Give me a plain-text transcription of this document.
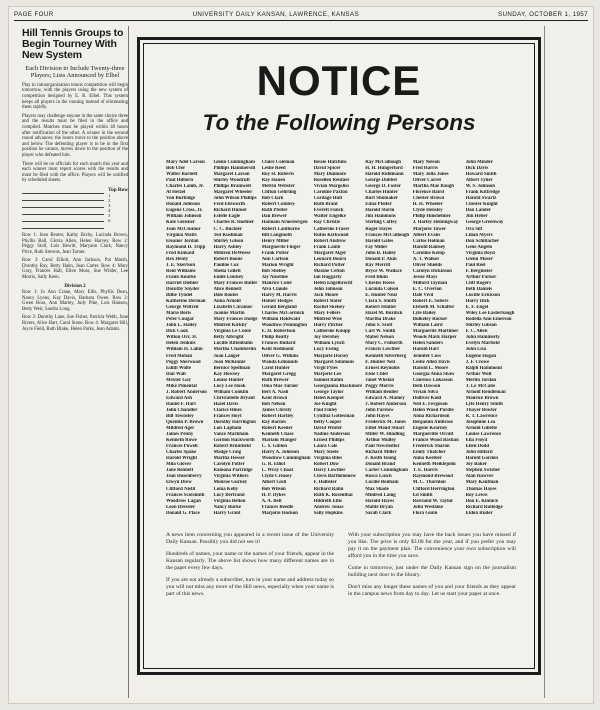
PAGE FOUR	UNIVERSITY DAILY KANSAN, LAWRENCE, KANSAS	SUNDAY, OCTOBER 1, 1957
Hill Tennis Groups to Begin Tourney With New System
Each Division to Include Twenty-three Players; Lists Announced by Elbel

Play in intraorganization tennis competition will begin tomorrow, with the players using the new system of competition designed by E. R. Elbel. This system keeps all players in the running instead of eliminating them rapidly.

Players may challenge anyone in the same choice three and the results must be filed in the office and compiled. Matches must be played within 48 hours after notification of the other. A winner in the second round advances; the losers move to the position above and below. The defending player is to be in the first position he cannot, moves down to the position of the player who defeated him.

There will be no officials for each match this year and each winner must report scores with the results and must be filed with the office. Players will be notified by scheduled sheets.

Top Row
1
2
3
4
5
6

Row 1: Jean Reuter, Kathy Bixby, Lucinda Brown, Phyllis Ball, Gloria Allen, Helen Harvey. Row 2: Peggy Stoll, Lois Hewitt, Maryann Clark, Nancy Price, Ruth Stevens, Jean Turner.

Row 3: Carol Elliott, Ann Jackson, Pat Marsh, Dorothy Ray, Betty Hahn, Joan Carter. Row 4: Mary Gray, Frances Hall, Ellen Moss, Sue Wilder, Lee Morris, Sally Keen.

Division 2

Row 1: Jo Ann Crane, Mary Ellis, Phyllis Dean, Nancy Lyons, Kay Davis, Barbara Owen. Row 2: Gwen Ross, Ann Marley, Judy Pike, Lois Hanson, Betty Weir, Sandra Long.

Row 3: Dorothy Lane, Sue Fisher, Patricia Webb, June Rivers, Alice Hart, Carol Stone. Row 4: Margaret Hill, Joyce Field, Ruth Blake, Helen Parks, Jean Adams.

NOTICE
To the Following Persons
Mary Adel Carson
Bob Ufer
Walter Barnett
Paul Hilbern
Charles Lamb, Jr.
Al Hetzel
Von Burbidge
Donald Johnson
Eugene Cross, Jr.
William Johnson
Kate Gleisner
Jean McCleanor
Virginia Matts
Eleanor Jordan
Raymond D. Tripp
Fred Kinkaid
Rex Henty
J. E. Skertson
Reid Williams
Frank Rourke
Harriet Diehler
Dorothy Snyder
Billie Tyndel
Katherine Derman
George Wilfred
Marie Boris
Peter Cougar
John L. Hailey
Dick Cook
Wilton Orr, Jr.
Helen Jenkins
William H. Lahm
Fred Mohan
Peggy Sherwood
Edith Wolfe
Dan Walt
Mexter Gay
Mike Pimental
J. Robert Anderson
Edward Ash
Daniel F. Hart
John Chandler
Bill Townsley
Quentin P. Brown
Mildred Ager
James Penny
Kenneth Rowe
Frances Powell
Charles Spake
Harold Wright
Mila Glover
Jane Bennett
Jean Dusenberry
Elwyn Drew
Clifford Nistil
Frances Scotsmith
Woodrow Lagan
Leon Dressler
Donald G. Place
Glenn Cunningham
Phillips Hammersill
Margaret Larson
Shirley Woodruff
Phillips Bramwell
Margaret Wheeler
John Wilson Phillips
Fred Ellsworth
Richard Hunsel
Estelle Eagle
Charles R. Hoefner
C. C. Buckler
Ted Kushman
Shirley Gilson
Harry Ashley
Mildred DeWeese
Robert Boone
Pauline Cox
Sheila Gillett
Emile Lindsey
Mary Frances Butler
Alice Bennett
Dale Boutes
Anna Arnold
Lizabeth Caramor
Joanne Martin
Mary Frances Dodge
Mildred Kirkby
Virginia Le Conte
Betty Albright
Lucille Rittenbahn
Martha Chamberlin
Joan Langer
Jean McKinnie
Bernice Spellman
Kay Howsey
Louise Hunter
Lucy Lee Hook
William Conklin
Christabelle Bryant
Hazel Davis
Clarice Hines
Frances Hoyt
Dorothy Harrington
Lois Lapham
Vance Markham
Gordon Hackworth
Robert Brumfield
Madge Craig
Martha Hesser
Carolyn Potter
Ramona Partridge
Virginia Withers
Monroe Gurney
Loma Kelly
Lucy Bertrand
Virginia Belton
Nancy Burke
Harry Grant
Claire Coleman
Leslie Reed
Roy H. Roberts
Ray Hanen
Melvin Webster
Clifton Gehrling
Bob Clark
Robert Combey
Ruth Pfeifer
Dan Brewer
Hannam Arnesbergen
Robert Lanthorne
Bill Longmoth
Henry Miller
Marguerite Finger
Frank Potter
Ann Carlson
Marion Wright
Bob Shelley
Jay Anselme
Maurice Coler
Alva Claude
Harry M. Harris
Homer Hedges
Gerald Bergland
Charles McCormick
William Holdwald
Woodrow Pennington
E. H. Robertson
Philip Beatty
Frances Bullard
Kent Redmond
Oliver G. Wilkins
Wanda Edmunds
Carol Hunter
Margaret Gregg
Ruth Brewer
Oma Mae Turner
Bert A. Nash
Kent Brown
Bob Nelson
James Christy
Robert Hartley
Ray Barnes
Robert Keener
Kenneth Chase
Mariam Manger
C. S. Giblon
Harry A. Johnson
Woodrow Cunningham
G. R. Elliot
L. Wray Choat
Clyde Creasey
Albert Gish
Bob Wilson
H. P. Dykes
A. A. Bell
Frances Beedle
Marjorie Hodson
Bessie Hutchins
David Spicer
Mary Dunmore
Rosellen Reutner
Vivian Margoliss
Caroline Paxton
Cordage Hull
Ruth Brant
Everett Funck
Walter Engelke
Ray Christie
Catherine Fraser
Rufus Kirkwood
Robert Andrew
Frank Lamb
Margaret Alger
Leonard Bourn
Richard Potter
Maxine Cetton
Ian Haggarty
Helen Engelbrecht
John Johnson
Jack Moore
Robert Slater
Rachel Skelsey
Mary Fellers
Mildred Wise
Harry Pitcher
Catherine Knupp
Joy Hershey
William Lynch
Lucy Ewing
Marjorie Dorsey
Margaret Simmons
Virgil Pyles
Marjorie Lee
Samuel Rahm
Georgianna Blackmore
George Taylor
Helen Kemper
Joe Knight
Paul Finley
Cynthia Gottesman
Betty Cooper
David Winter
Nadine Anderson
Ernest Phillips
Laura Cole
Mary Steele
Virginia Biles
Robert Dow
Darcy Lowther
Clovis Bartholomew
F. Hollister
Richard Rahn
Ruth K. Rosenthal
Hildreth Ellis
Andrew Jonas
Sally Hopkins
Ray McCullough
H. H. Hungerford
Harold Ruhlmann
George Dubbel
George D. Foster
Charles Hunter
Burt Shumaker
Edna Pfeifer
Harold Storm
Jim Hammons
Sterling Coffey
Roger Hayes
Frances McCullough
Harold Gates
Fay Miller
John B. Hailey
Donald P. Akin
Ray Merrill
Bryce W. Wallace
Fred Blum
Chester Reese
Lucinda Colson
E. Hunter Neal
Clara S. Smith
Robert Hunter
Hazel M. Burdick
Martha Drake
John S. Scott
Carl W. Smith
Mabel Nelson
Mary C. Fulkerth
Francis Lowther
Kenneth Silverberg
F. Hunter Neil
Ernest Reynolds
Elsie Chlet
Janet Whelan
Peggy Morris
William Beidler
Edward A. Mamey
J. Robert Anderson
John Parslow
John Hayes
Frederick M. Jones
Ethel Maud Stuart
Miller W. Hindling
Arthur Mulley
Paul Newstedter
Richard Miller
F. Keith Young
Donald Brand
Carter Cunningham
Rosco Lusch
Lucille Bonham
Max Shade
Mildred Laing
Harold Hayes
Mable Bryan
Sarah Clark
Mary Nelson
Fred Harris
Mary Jolla Jones
Oliver Carrel
Martha Mae Baugh
Florence Baird
Chester Brown
H. H. Wheeler
Clyde Hensley
Philip Hinshelmer
J. Harley Hemingway
Marjorie Tower
Albert Evans
Carlos Holman
Harold Ramsey
Caroline Kemp
A. T. Walker
Oliver Shields
Carolyn Dickinson
Jessie Mays
Milford Tayman
E. C. Overton
Dale Vivil
Robert E. Sobers
Elsbeth M. Schaffer
Lyle Bailey
Bulkeley Rocker
William Laird
Marguerite Mortimer
Woods Mark Harper
Helen Sanders
Harold Hart
Jennifer Coss
Leslie Allen Davis
Harold L. Moore
Georgia Anna Shaw
Clarence Lukasson
Beth Dawson
Vivian Silva
Dolliver Kidd
Neil E. Ferguson
Helen Wood Purdie
Anna Richardson
Benjamin Ambrose
Eugene Kearney
Margueritte Orcutt
Francis Wood Bastian
Frederick Sharon
Emily Thatcher
Anna Keebler
Kenneth Meiklejohn
T. E. Harris
Raymond Brewood
M. C. Thornton
Clifford Herrington
Ed Smith
Rowland W. Taylor
John Westlake
Flora Gunn
John Minder
Dick Davis
Howard Smith
Albert Tyner
W. S. Johnson
Frank Kittredge
Harold Swartz
Chester Knight
Dan Lander
Jim Heber
George Greenway
Ora Silt
Lilian Myers
Don Schlitacher
Gene Angelo
Virginia Boyd
Glenn Moser
Paul Reel
F. Bergmeier
Arthur Parker
Cliff Rogers
Beth Daniels
Lucille Erickson
Harry Dick
E. F. Engel
Wiley Lee Easterbaugh
Rodella Ann Emerson
Shirley Gibson
F. C. Allen
John Hammerly
Evelyn Marfield
John Lisa
Eugene Hogan
J. F. Crowe
Ralph Hammond
Arthur Wolf
Merlin Jordan
T. Le McCabe
Arnold Rendleman
Maurice Brown
Lyle Henry Smith
Thayer Bowler
R. T. Lawrence
Josephine Lea
Arnold Gillette
Louise Lawrence
Ella Floyd
Ellen Dodd
John Hilford
Harold Gordon
Joy Baker
Stephen Swisher
Alan Hawver
Mary Kaufman
Thomas Hayes
Roy Lewis
Don E. Kinnick
Richard Rutledge
Eldon Ruder

A news item concerning you appeared in a recent issue of the University Daily Kansan. Possibly you did not see it!

Hundreds of names, your name or the names of your friends, appear in the Kansan regularly. The above list shows how many different names are in the paper every few days.

If you are not already a subscriber, turn in your name and address today so you will not miss any more of the Hill news, especially when your name is part of this news.

With your subscription you may have the back issues you have missed if you like. The price is only $3.00 for the year, and if you prefer you may pay it on the payment plan. The convenience your own subscription will afford you in the time you save.

Come in tomorrow, just under the Daily Kansan sign on the journalism building next door to the library.

Don't miss any longer these names of you and your friends as they appear in the campus news from day to day. Let us start your paper at once.
